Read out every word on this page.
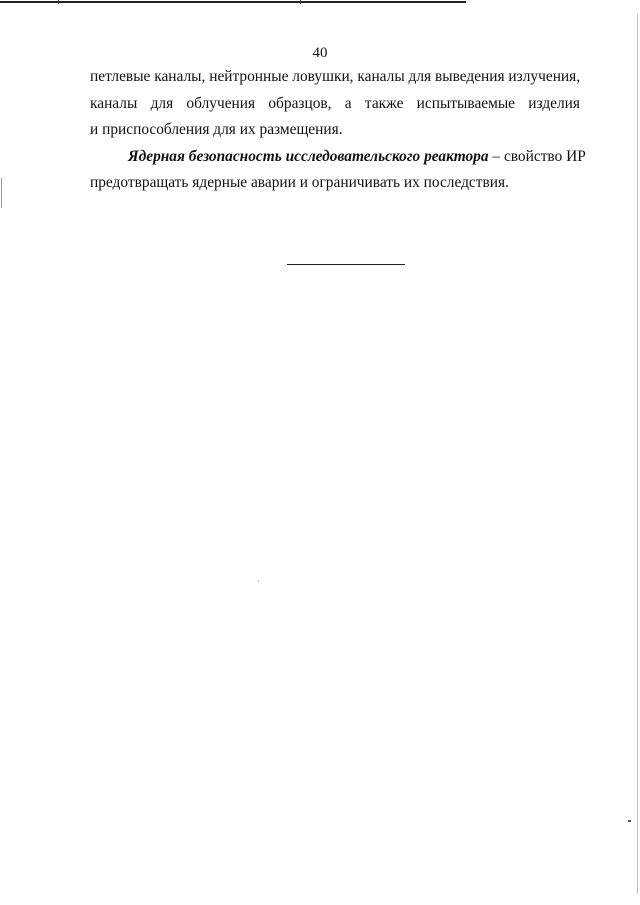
40

петлевые каналы, нейтронные ловушки, каналы для выведения излучения,
каналы для облучения образцов, а также испытываемые изделия
и приспособления для их размещения.

Ядерная безопасность исследовательского реактора – свойство ИР
предотвращать ядерные аварии и ограничивать их последствия.
